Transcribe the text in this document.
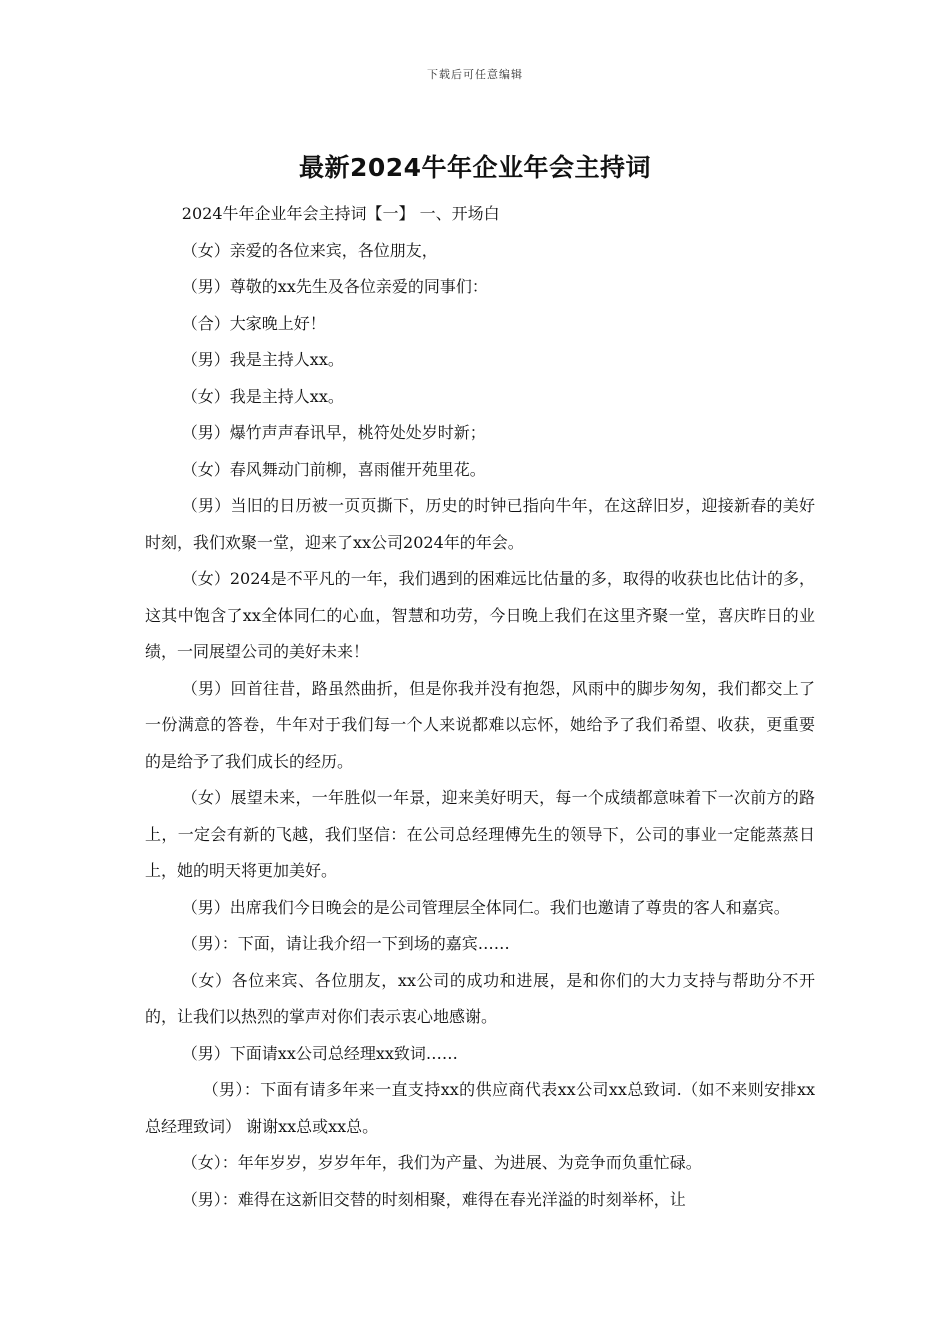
下载后可任意编辑
最新2024牛年企业年会主持词

2024牛年企业年会主持词【一】 一、开场白

（女）亲爱的各位来宾，各位朋友，

（男）尊敬的xx先生及各位亲爱的同事们：

（合）大家晚上好！

（男）我是主持人xx。

（女）我是主持人xx。

（男）爆竹声声春讯早，桃符处处岁时新；

（女）春风舞动门前柳，喜雨催开苑里花。

（男）当旧的日历被一页页撕下，历史的时钟已指向牛年，在这辞旧岁，迎接新春的美好时刻，我们欢聚一堂，迎来了xx公司2024年的年会。

（女）2024是不平凡的一年，我们遇到的困难远比估量的多，取得的收获也比估计的多，这其中饱含了xx全体同仁的心血，智慧和功劳，今日晚上我们在这里齐聚一堂，喜庆昨日的业绩，一同展望公司的美好未来！

（男）回首往昔，路虽然曲折，但是你我并没有抱怨，风雨中的脚步匆匆，我们都交上了一份满意的答卷，牛年对于我们每一个人来说都难以忘怀，她给予了我们希望、收获，更重要的是给予了我们成长的经历。

（女）展望未来，一年胜似一年景，迎来美好明天，每一个成绩都意味着下一次前方的路上，一定会有新的飞越，我们坚信：在公司总经理傅先生的领导下，公司的事业一定能蒸蒸日上，她的明天将更加美好。

（男）出席我们今日晚会的是公司管理层全体同仁。我们也邀请了尊贵的客人和嘉宾。

（男）：下面，请让我介绍一下到场的嘉宾……

（女）各位来宾、各位朋友，xx公司的成功和进展，是和你们的大力支持与帮助分不开的，让我们以热烈的掌声对你们表示衷心地感谢。

（男）下面请xx公司总经理xx致词……

（男）：下面有请多年来一直支持xx的供应商代表xx公司xx总致词.（如不来则安排xx总经理致词） 谢谢xx总或xx总。

（女）：年年岁岁，岁岁年年，我们为产量、为进展、为竞争而负重忙碌。

（男）：难得在这新旧交替的时刻相聚，难得在春光洋溢的时刻举杯，让
